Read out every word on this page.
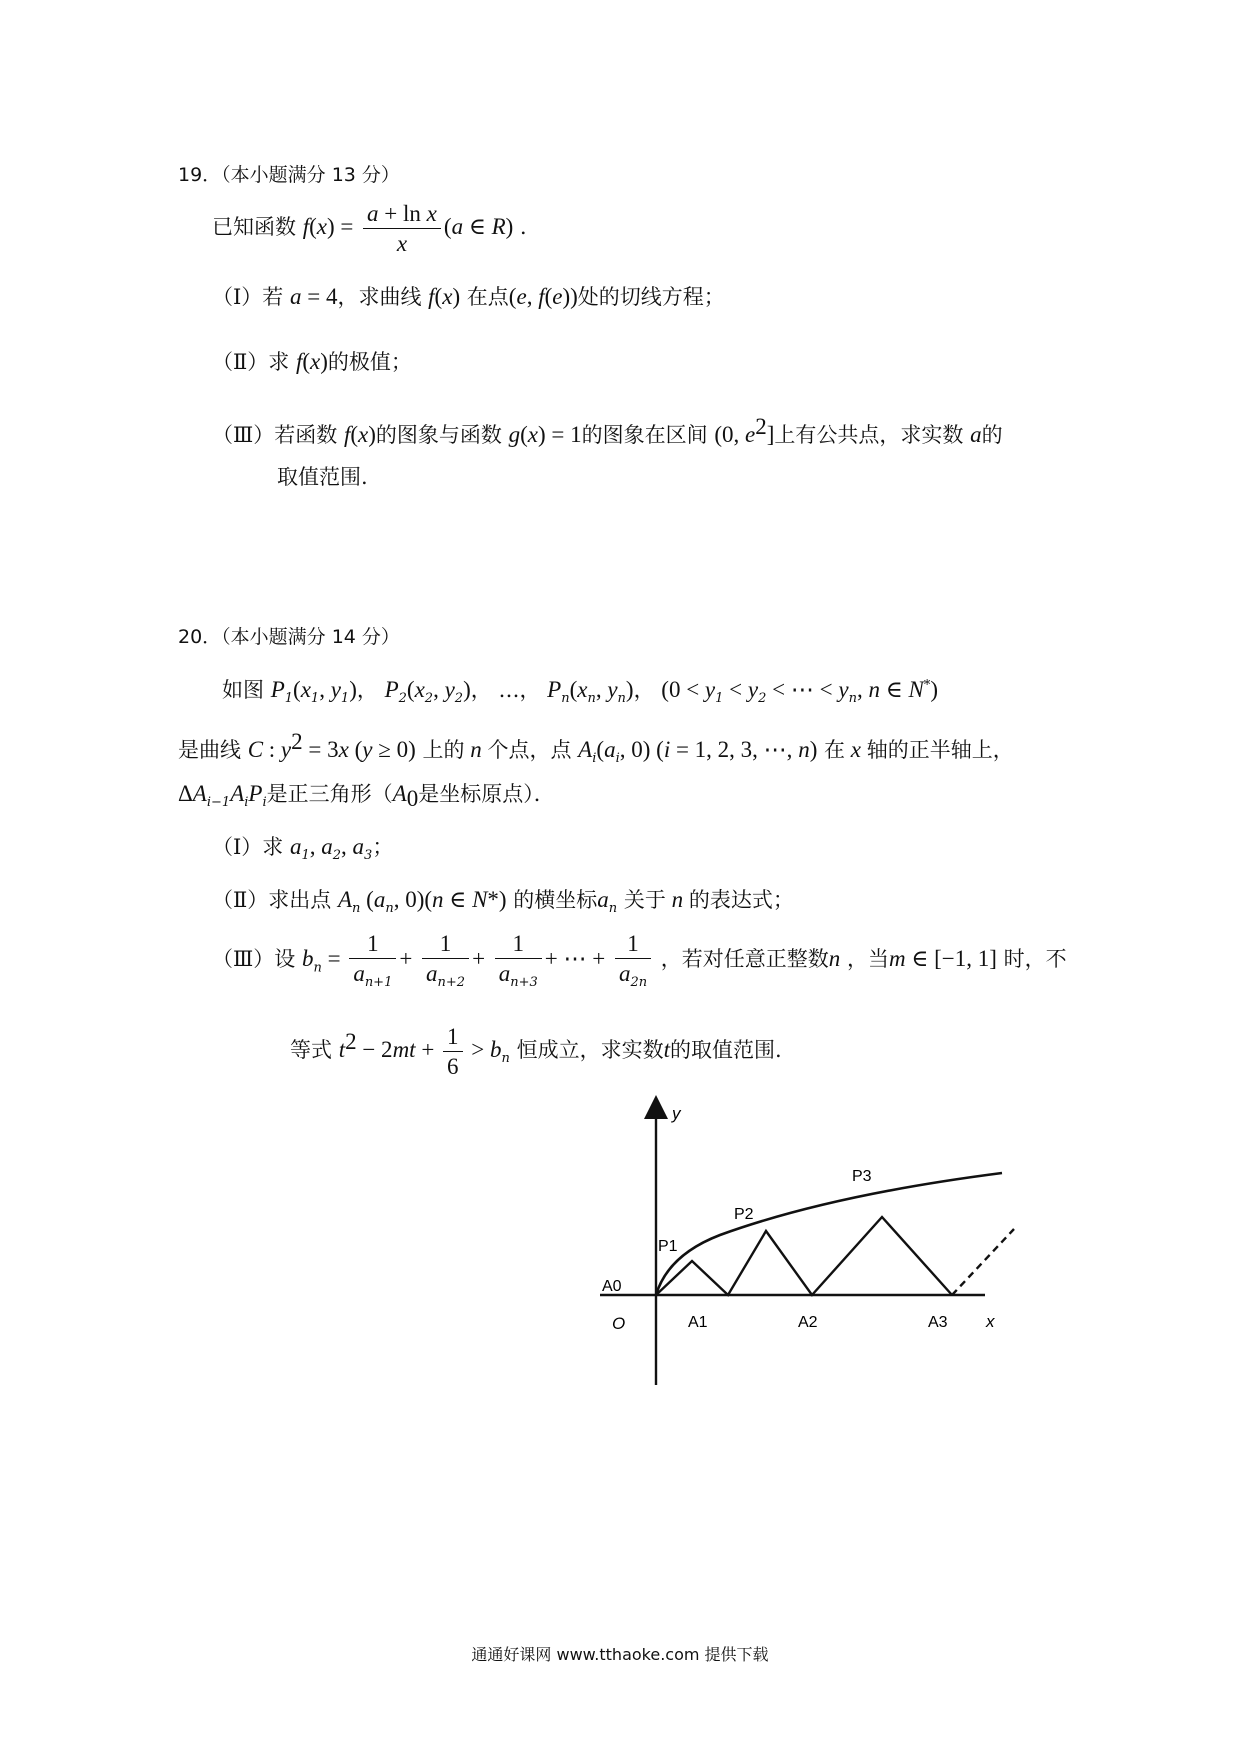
19．（本小题满分 13 分）
已知函数 $f(x) = \frac{\text{a + ln x}}{x} (a$ ∈ R) ．
（Ⅰ）若 a = 4，求曲线 f(x) 在点(e, f(e))处的切线方程；
（Ⅱ）求 f(x)的极值；
（Ⅲ）若函数 f(x)的图象与函数 g(x) = 1的图象在区间 (0, $e^2$]上有公共点，求实数 a的
取值范围.
20．（本小题满分 14 分）
如图 $P_1(x_1$, $y_1$)， $P_2(x_2$, $y_2$)， …， $P_n(x_n$, $y_n$)， ($0 < y_1 < y_2$ < ⋯ < $y_n$, n ∈ N*)
是曲线 C : $y^2 = 3x$ (y ≥ 0) 上的 n 个点，点 $A_i(a_i$, 0) (i = 1, 2, 3, ⋯, n) 在 x 轴的正半轴上，
$\Delta A_{i-1}A_iP_i$是正三角形（$A_0$是坐标原点）．
（Ⅰ）求 $a_1$, $a_2$, $a_3$；
（Ⅱ）求出点 $A_n$ ($a_n$, 0)(n ∈ N*) 的横坐标$a_n$ 关于 n 的表达式；
（Ⅲ）设 $b_n = \frac{1}{a_{n+1}} + \frac{1}{a_{n+2}} + \frac{1}{a_{n+3}}$ + ⋯ + $\frac{1}{a_{2n}}$ ，若对任意正整数n ，当m ∈ [−1, 1] 时，不
等式 $t^2 - 2mt + \frac{1}{6} > b_n$ 恒成立，求实数t的取值范围.
y
x
O
A0
P1
P2
P3
A1	A2	A3
通通好课网 www.tthaoke.com 提供下载
